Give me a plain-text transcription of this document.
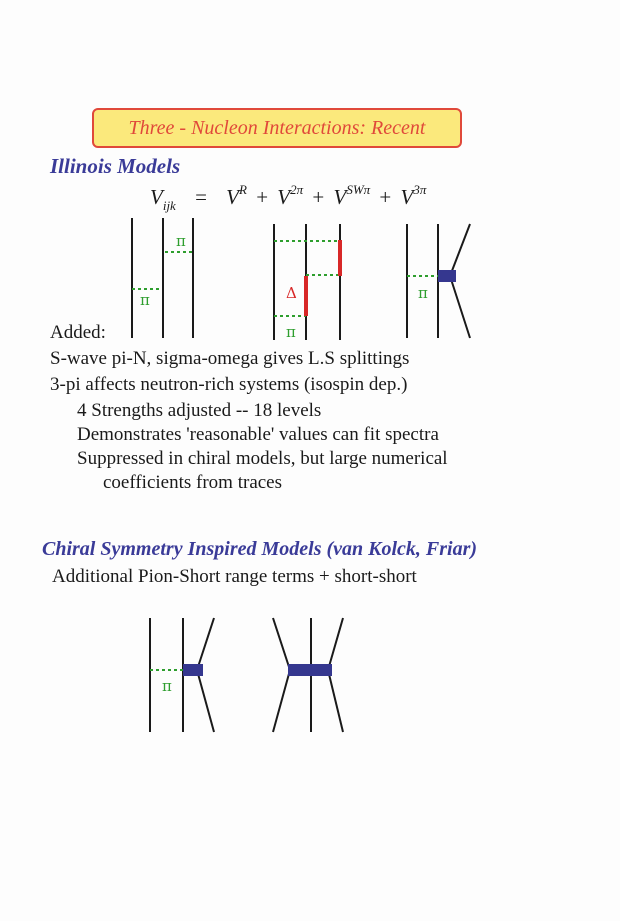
Three - Nucleon Interactions: Recent
Illinois Models
$V_{ijk} = V^R + V^{2\pi} + V^{SW\pi} + V^{3\pi}$
π
π	Δ
π
π
π
Added:
S-wave pi-N, sigma-omega gives L.S splittings
3-pi affects neutron-rich systems (isospin dep.)
4 Strengths adjusted -- 18 levels
Demonstrates 'reasonable' values can fit spectra
Suppressed in chiral models, but large numerical
coefficients from traces
Chiral Symmetry Inspired Models (van Kolck, Friar)
Additional Pion-Short range terms + short-short
